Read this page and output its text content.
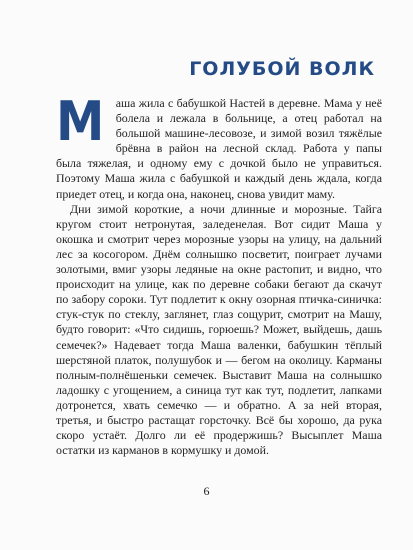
ГОЛУБОЙ ВОЛК

Маша жила с бабушкой Настей в деревне. Мама у неё болела и лежала в больнице, а отец работал на большой машине-лесовозе, и зимой возил тяжёлые брёвна в район на лесной склад. Работа у папы была тяжелая, и одному ему с дочкой было не управиться. Поэтому Маша жила с бабушкой и каждый день ждала, когда приедет отец, и когда она, наконец, снова увидит маму.

Дни зимой короткие, а ночи длинные и морозные. Тайга кругом стоит нетронутая, заледенелая. Вот сидит Маша у окошка и смотрит через морозные узоры на улицу, на дальний лес за косогором. Днём солнышко посветит, поиграет лучами золотыми, вмиг узоры ледяные на окне растопит, и видно, что происходит на улице, как по деревне собаки бегают да скачут по забору сороки. Тут подлетит к окну озорная птичка-синичка: стук-стук по стеклу, заглянет, глаз сощурит, смотрит на Машу, будто говорит: «Что сидишь, горюешь? Может, выйдешь, дашь семечек?» Надевает тогда Маша валенки, бабушкин тёплый шерстяной платок, полушубок и — бегом на околицу. Карманы полным-полнёшеньки семечек. Выставит Маша на солнышко ладошку с угощением, а синица тут как тут, подлетит, лапками дотронется, хвать семечко — и обратно. А за ней вторая, третья, и быстро растащат горсточку. Всё бы хорошо, да рука скоро устаёт. Долго ли её продержишь? Высыплет Маша остатки из карманов в кормушку и домой.

6
